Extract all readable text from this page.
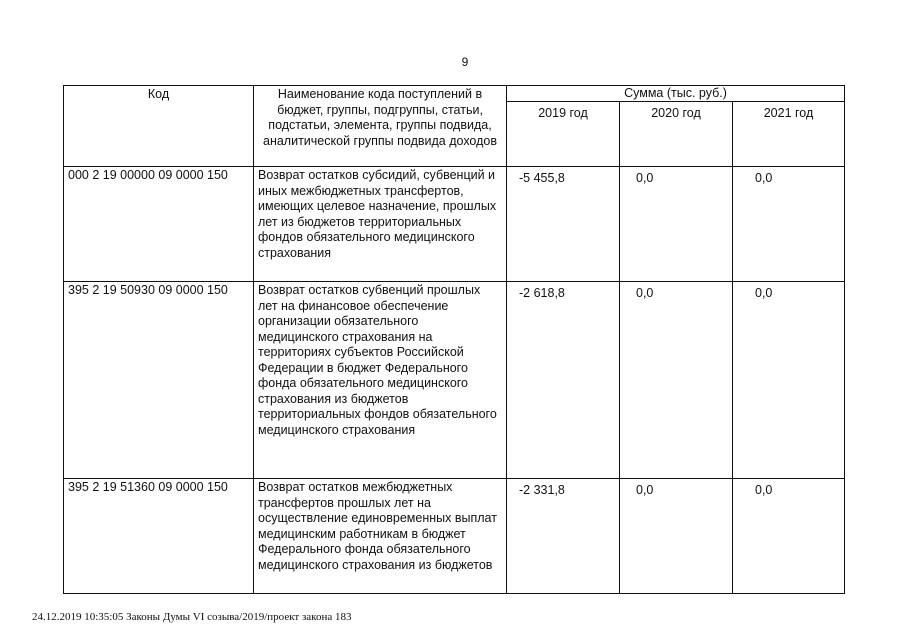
9
Код	Наименование кода поступлений в бюджет, группы, подгруппы, статьи, подстатьи, элемента, группы подвида, аналитической группы подвида доходов	Сумма (тыс. руб.)		
		2019 год	2020 год	2021 год
000 2 19 00000 09 0000 150	Возврат остатков субсидий, субвенций и иных межбюджетных трансфертов, имеющих целевое назначение, прошлых лет из бюджетов территориальных фондов обязательного медицинского страхования	-5 455,8	0,0	0,0
395 2 19 50930 09 0000 150	Возврат остатков субвенций прошлых лет на финансовое обеспечение организации обязательного медицинского страхования на территориях субъектов Российской Федерации в бюджет Федерального фонда обязательного медицинского страхования из бюджетов территориальных фондов обязательного медицинского страхования	-2 618,8	0,0	0,0
395 2 19 51360 09 0000 150	Возврат остатков межбюджетных трансфертов прошлых лет на осуществление единовременных выплат медицинским работникам в бюджет Федерального фонда обязательного медицинского страхования из бюджетов	-2 331,8	0,0	0,0
24.12.2019 10:35:05 Законы Думы VI созыва/2019/проект закона 183
